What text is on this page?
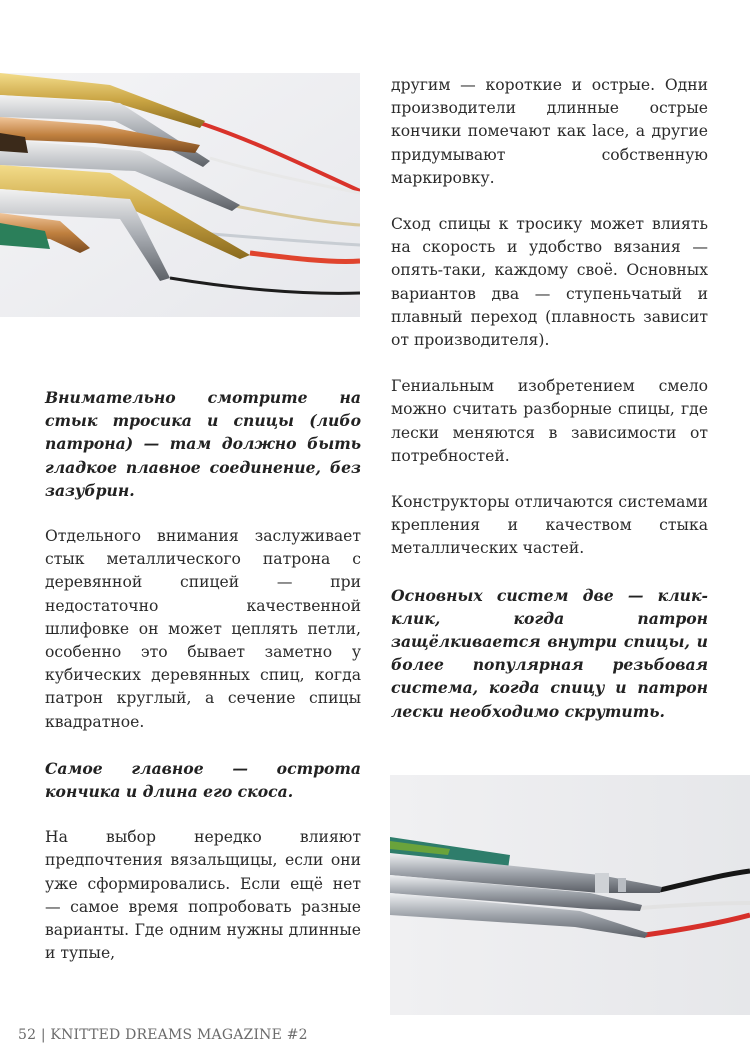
Внимательно смотрите на стык тросика и спицы (либо патрона) — там должно быть гладкое плавное соединение, без зазубрин.

Отдельного внимания заслуживает стык металлического патрона с деревянной спицей — при недостаточно качественной шлифовке он может цеплять петли, особенно это бывает заметно у кубических деревянных спиц, когда патрон круглый, а сечение спицы квадратное.

Самое главное — острота кончика и длина его скоса.

На выбор нередко влияют предпочтения вязальщицы, если они уже сформировались. Если ещё нет — самое время попробовать разные варианты. Где одним нужны длинные и тупые,

другим — короткие и острые. Одни производители длинные острые кончики помечают как lace, а другие придумывают собственную маркировку.

Сход спицы к тросику может влиять на скорость и удобство вязания — опять-таки, каждому своё. Основных вариантов два — ступеньчатый и плавный переход (плавность зависит от производителя).

Гениальным изобретением смело можно считать разборные спицы, где лески меняются в зависимости от потребностей.

Конструкторы отличаются системами крепления и качеством стыка металлических частей.

Основных систем две — клик-клик, когда патрон защёлкивается внутри спицы, и более популярная резьбовая система, когда спицу и патрон лески необходимо скрутить.

52 | KNITTED DREAMS MAGAZINE #2
